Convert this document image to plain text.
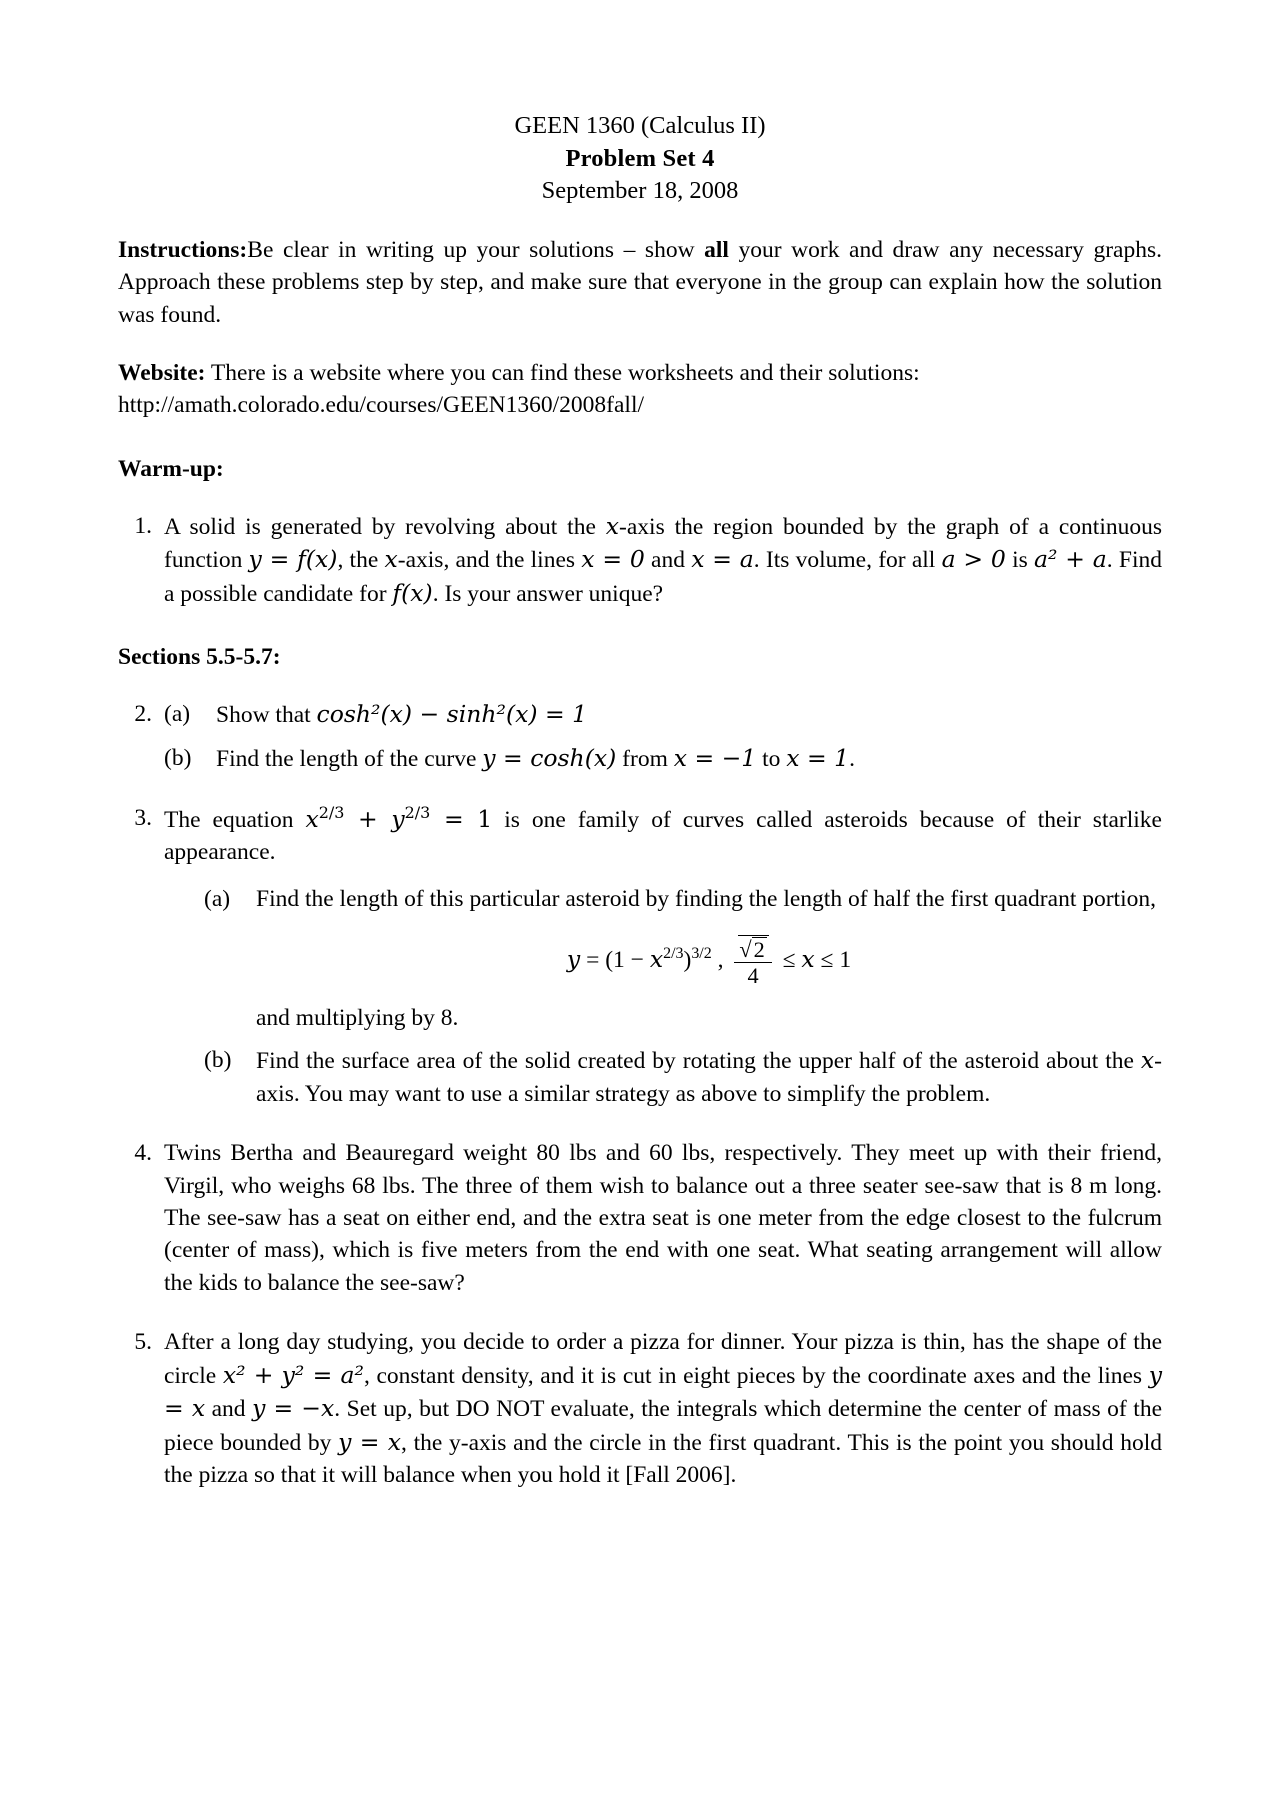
GEEN 1360 (Calculus II)
Problem Set 4
September 18, 2008

Instructions:Be clear in writing up your solutions – show all your work and draw any necessary graphs. Approach these problems step by step, and make sure that everyone in the group can explain how the solution was found.

Website: There is a website where you can find these worksheets and their solutions:
http://amath.colorado.edu/courses/GEEN1360/2008fall/

Warm-up:

1. A solid is generated by revolving about the x-axis the region bounded by the graph of a continuous function y = f(x), the x-axis, and the lines x = 0 and x = a. Its volume, for all a > 0 is a² + a. Find a possible candidate for f(x). Is your answer unique?

Sections 5.5-5.7:

2. (a)	Show that cosh²(x) − sinh²(x) = 1
(b)	Find the length of the curve y = cosh(x) from x = −1 to x = 1.
3. The equation $x^{2/3} + y^{2/3} = 1$ is one family of curves called asteroids because of their starlike appearance.
(a)	Find the length of this particular asteroid by finding the length of half the first quadrant portion,
$y = (1 - x^{2/3})^{3/2}$ , $\frac{√2}{4} \le x \le 1$
and multiplying by 8.
(b)	Find the surface area of the solid created by rotating the upper half of the asteroid about the x-axis. You may want to use a similar strategy as above to simplify the problem.
4. Twins Bertha and Beauregard weight 80 lbs and 60 lbs, respectively. They meet up with their friend, Virgil, who weighs 68 lbs. The three of them wish to balance out a three seater see-saw that is 8 m long. The see-saw has a seat on either end, and the extra seat is one meter from the edge closest to the fulcrum (center of mass), which is five meters from the end with one seat. What seating arrangement will allow the kids to balance the see-saw?
5. After a long day studying, you decide to order a pizza for dinner. Your pizza is thin, has the shape of the circle x² + y² = a², constant density, and it is cut in eight pieces by the coordinate axes and the lines y = x and y = −x. Set up, but DO NOT evaluate, the integrals which determine the center of mass of the piece bounded by y = x, the y-axis and the circle in the first quadrant. This is the point you should hold the pizza so that it will balance when you hold it [Fall 2006].
